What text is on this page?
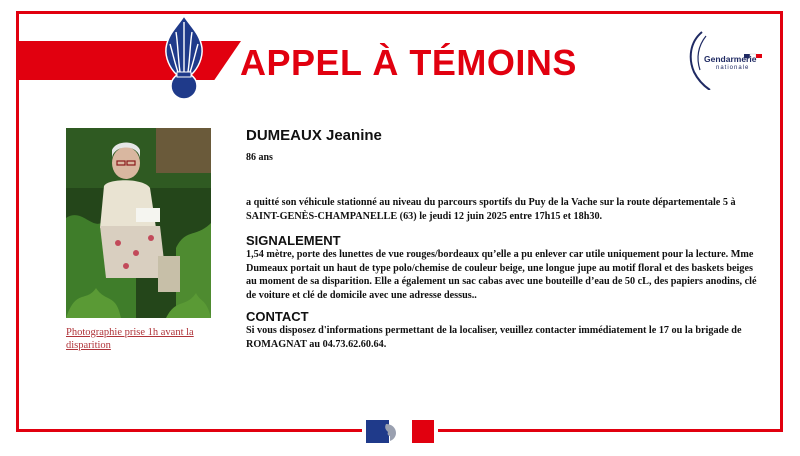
APPEL À TÉMOINS	Gendarmerie
nationale
Photographie prise 1h avant la disparition
DUMEAUX Jeanine
86 ans
a quitté son véhicule stationné au niveau du parcours sportifs du Puy de la Vache sur la route départementale 5 à SAINT-GENÈS-CHAMPANELLE (63) le jeudi 12 juin 2025 entre 17h15 et 18h30.
SIGNALEMENT
1,54 mètre, porte des lunettes de vue rouges/bordeaux qu’elle a pu enlever car utile uniquement pour la lecture. Mme Dumeaux portait un haut de type polo/chemise de couleur beige, une longue jupe au motif floral et des baskets beiges au moment de sa disparition. Elle a également un sac cabas avec une bouteille d’eau de 50 cL, des papiers anodins, clé de voiture et clé de domicile avec une adresse dessus..
CONTACT
Si vous disposez d'informations permettant de la localiser, veuillez contacter immédiatement le 17 ou la brigade de ROMAGNAT au 04.73.62.60.64.
